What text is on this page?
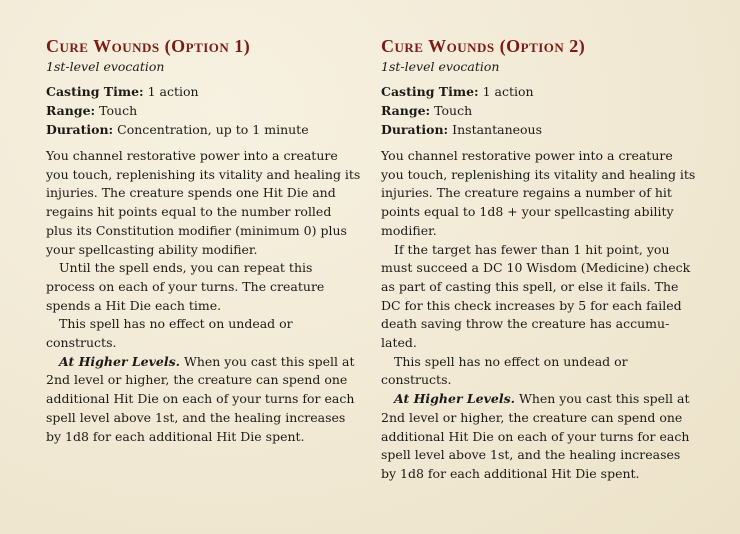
Cure Wounds (Option 1)
1st-level evocation

Casting Time: 1 action

Range: Touch

Duration: Concentration, up to 1 minute

You channel restorative power into a creature you touch, replenishing its vitality and healing its injuries. The creature spends one Hit Die and regains hit points equal to the number rolled plus its Constitution modifier (minimum 0) plus your spellcasting ability modifier.

Until the spell ends, you can repeat this process on each of your turns. The creature spends a Hit Die each time.

This spell has no effect on undead or constructs.

At Higher Levels. When you cast this spell at 2nd level or higher, the creature can spend one additional Hit Die on each of your turns for each spell level above 1st, and the healing increases by 1d8 for each additional Hit Die spent.

Cure Wounds (Option 2)
1st-level evocation

Casting Time: 1 action

Range: Touch

Duration: Instantaneous

You channel restorative power into a creature you touch, replenishing its vitality and healing its injuries. The creature regains a number of hit points equal to 1d8 + your spellcasting ability modifier.

If the target has fewer than 1 hit point, you must succeed a DC 10 Wisdom (Medicine) check as part of casting this spell, or else it fails. The DC for this check increases by 5 for each failed death saving throw the creature has accumu-lated.

This spell has no effect on undead or constructs.

At Higher Levels. When you cast this spell at 2nd level or higher, the creature can spend one additional Hit Die on each of your turns for each spell level above 1st, and the healing increases by 1d8 for each additional Hit Die spent.
